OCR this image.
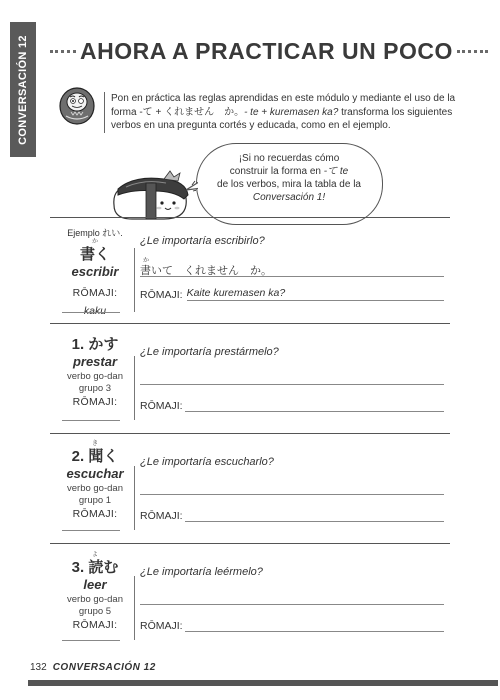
CONVERSACIÓN 12 AHORA A PRACTICAR UN POCO
Pon en práctica las reglas aprendidas en este módulo y mediante el uso de la forma -て + くれません　か。- te + kuremasen ka? transforma los siguientes verbos en una pregunta cortés y educada, como en el ejemplo.
¡Si no recuerdas cómo
construir la forma en -て te
de los verbos, mira la tabla de la
Conversación 1!
Ejemplo れい.
か
書く
escribir
RŌMAJI:
kaku
¿Le importaría escribirlo?
か
書いて　くれません　か。
RŌMAJI: Kaite kuremasen ka?
1. かす
prestar
verbo go-dan
grupo 3
RŌMAJI:
¿Le importaría prestármelo?
RŌMAJI:
き
2. 聞く
escuchar
verbo go-dan
grupo 1
RŌMAJI:
¿Le importaría escucharlo?
RŌMAJI:
よ
3. 読む
leer
verbo go-dan
grupo 5
RŌMAJI:
¿Le importaría leérmelo?
RŌMAJI:
132 CONVERSACIÓN 12
